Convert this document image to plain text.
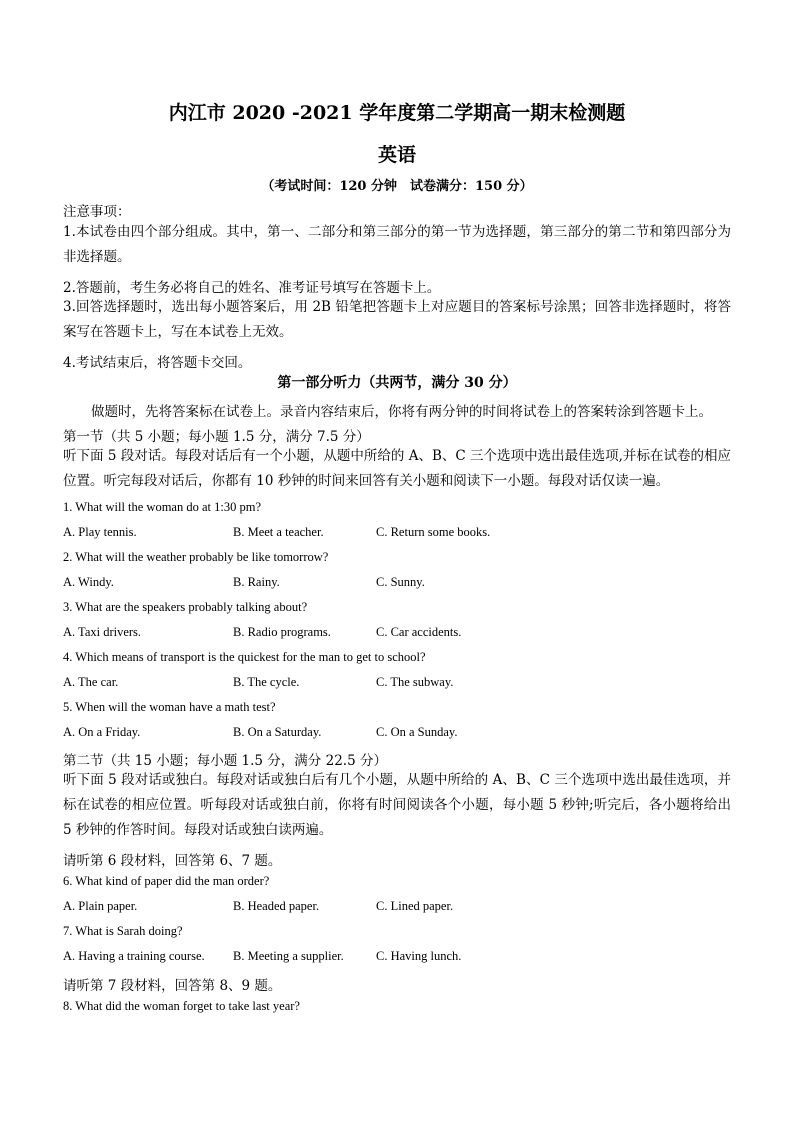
内江市 2020 -2021 学年度第二学期高一期末检测题
英语
（考试时间：120 分钟　试卷满分：150 分）
注意事项：
1.本试卷由四个部分组成。其中，第一、二部分和第三部分的第一节为选择题，第三部分的第二节和第四部分为非选择题。
2.答题前，考生务必将自己的姓名、准考证号填写在答题卡上。
3.回答选择题时，选出每小题答案后，用 2B 铅笔把答题卡上对应题目的答案标号涂黑；回答非选择题时，将答案写在答题卡上，写在本试卷上无效。
4.考试结束后，将答题卡交回。
第一部分听力（共两节，满分 30 分）
做题时，先将答案标在试卷上。录音内容结束后，你将有两分钟的时间将试卷上的答案转涂到答题卡上。
第一节（共 5 小题；每小题 1.5 分，满分 7.5 分）
听下面 5 段对话。每段对话后有一个小题，从题中所给的 A、B、C 三个选项中选出最佳选项,并标在试卷的相应位置。听完每段对话后，你都有 10 秒钟的时间来回答有关小题和阅读下一小题。每段对话仅读一遍。
1. What will the woman do at 1:30 pm?
A. Play tennis.	B. Meet a teacher.	C. Return some books.
2. What will the weather probably be like tomorrow?
A. Windy.	B. Rainy.	C. Sunny.
3. What are the speakers probably talking about?
A. Taxi drivers.	B. Radio programs.	C. Car accidents.
4. Which means of transport is the quickest for the man to get to school?
A. The car.	B. The cycle.	C. The subway.
5. When will the woman have a math test?
A. On a Friday.	B. On a Saturday.	C. On a Sunday.
第二节（共 15 小题；每小题 1.5 分，满分 22.5 分）
听下面 5 段对话或独白。每段对话或独白后有几个小题，从题中所给的 A、B、C 三个选项中选出最佳选项，并标在试卷的相应位置。听每段对话或独白前，你将有时间阅读各个小题，每小题 5 秒钟;听完后，各小题将给出 5 秒钟的作答时间。每段对话或独白读两遍。
请听第 6 段材料，回答第 6、7 题。
6. What kind of paper did the man order?
A. Plain paper.	B. Headed paper.	C. Lined paper.
7. What is Sarah doing?
A. Having a training course. B. Meeting a supplier.	C. Having lunch.
请听第 7 段材料，回答第 8、9 题。
8. What did the woman forget to take last year?
